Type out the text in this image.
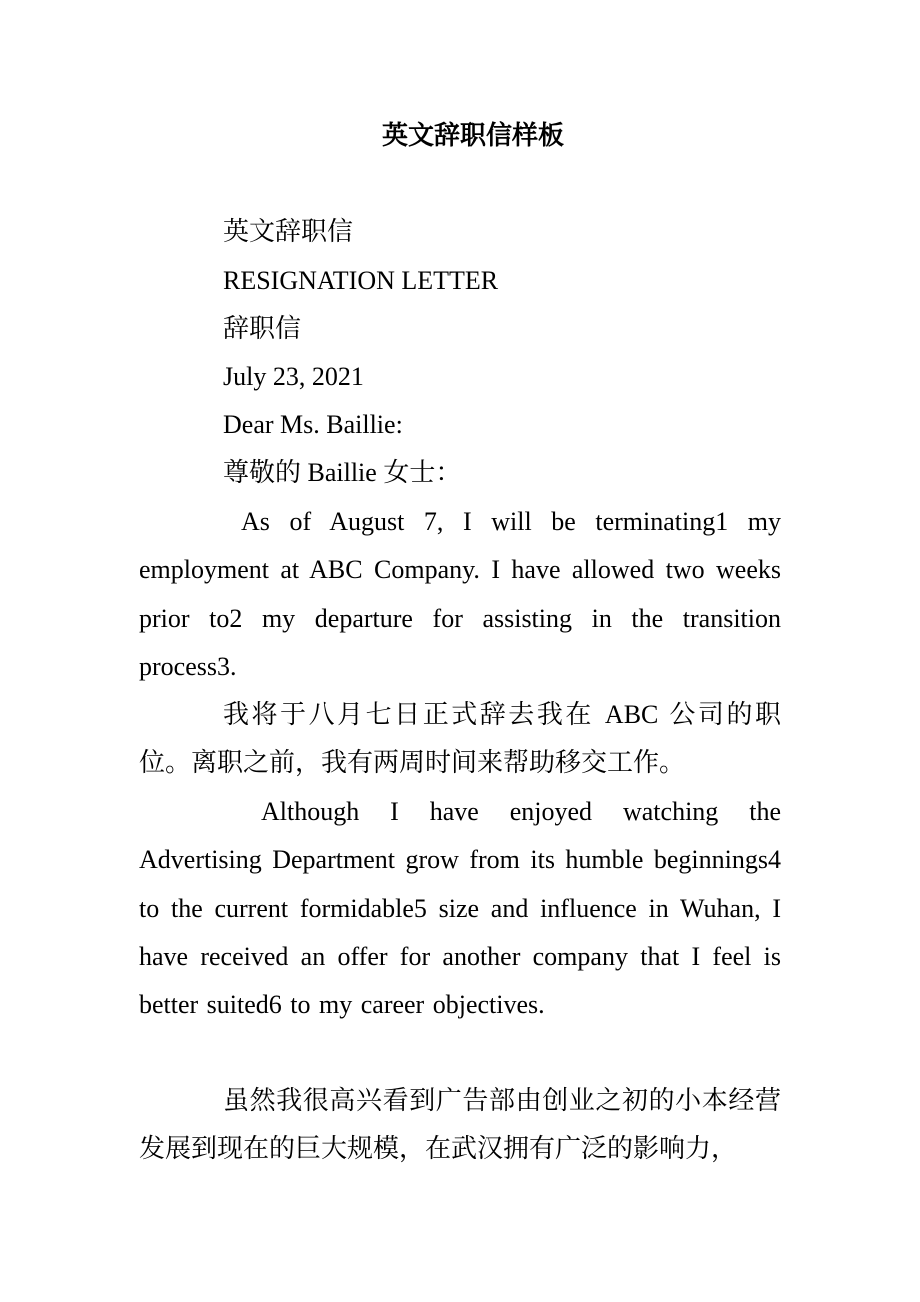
英文辞职信样板
英文辞职信
RESIGNATION LETTER
辞职信
July 23, 2021
Dear Ms. Baillie:
尊敬的 Baillie 女士：
As of August 7, I will be terminating1 my employment at ABC Company. I have allowed two weeks prior to2 my departure for assisting in the transition process3.
我将于八月七日正式辞去我在 ABC 公司的职位。离职之前，我有两周时间来帮助移交工作。
Although I have enjoyed watching the Advertising Department grow from its humble beginnings4 to the current formidable5 size and influence in Wuhan, I have received an offer for another company that I feel is better suited6 to my career objectives.
虽然我很高兴看到广告部由创业之初的小本经营发展到现在的巨大规模，在武汉拥有广泛的影响力，
